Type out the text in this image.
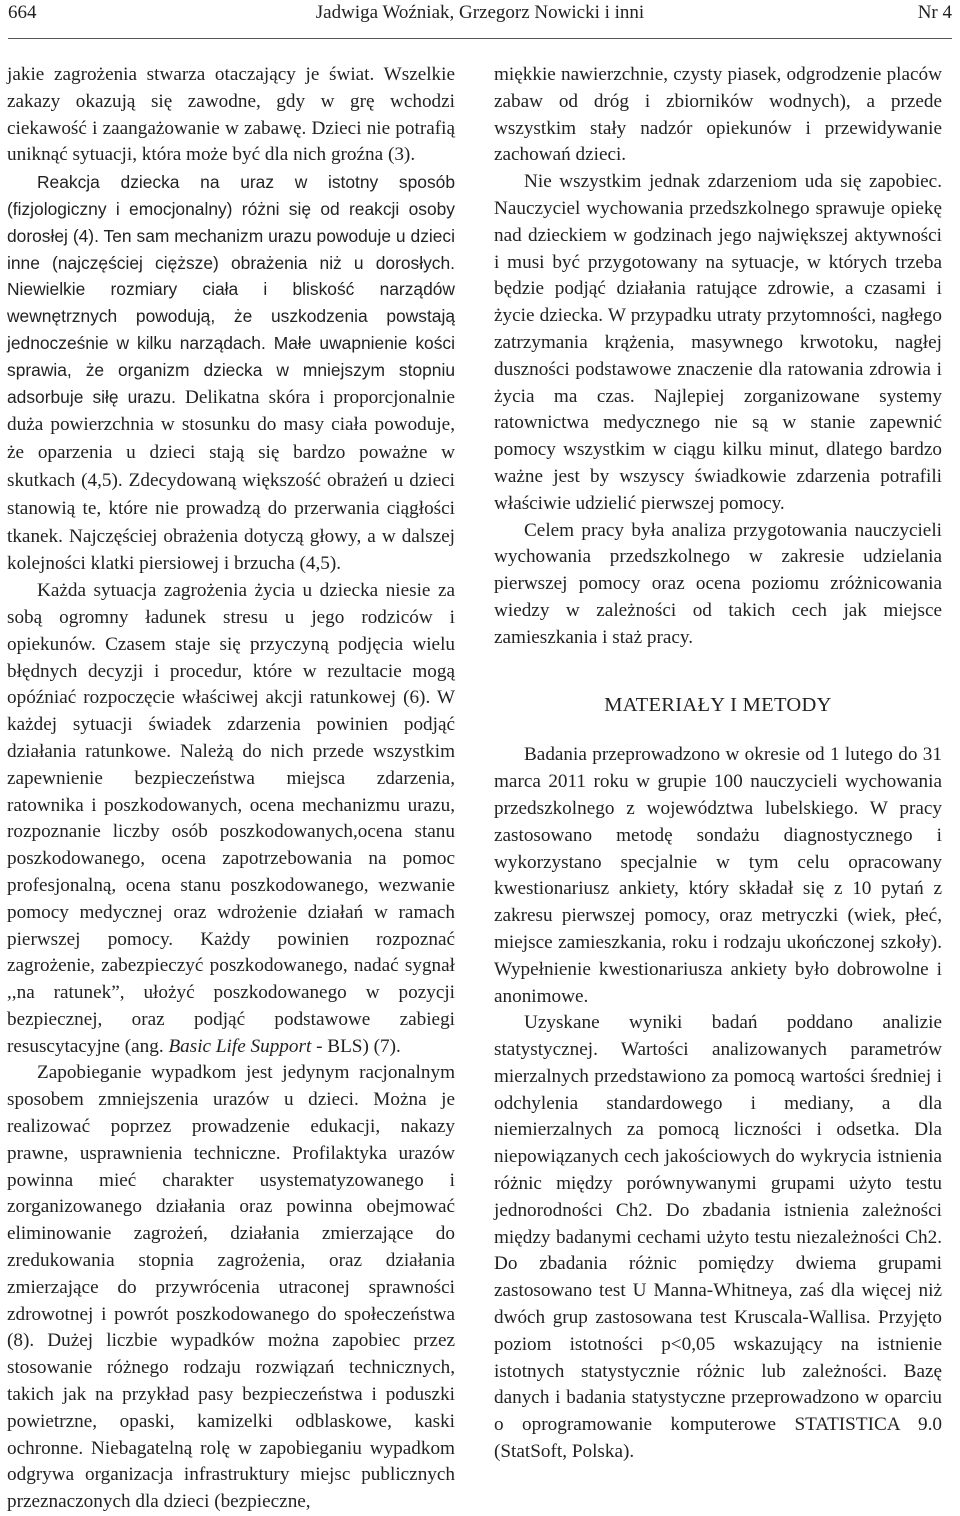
664	Jadwiga Woźniak, Grzegorz Nowicki i inni	Nr 4

jakie zagrożenia stwarza otaczający je świat. Wszelkie zakazy okazują się zawodne, gdy w grę wchodzi ciekawość i zaangażowanie w zabawę. Dzieci nie potrafią uniknąć sytuacji, która może być dla nich groźna (3).

Reakcja dziecka na uraz w istotny sposób (fizjologiczny i emocjonalny) różni się od reakcji osoby dorosłej (4). Ten sam mechanizm urazu powoduje u dzieci inne (najczęściej cięższe) obrażenia niż u dorosłych. Niewielkie rozmiary ciała i bliskość narządów wewnętrznych powodują, że uszkodzenia powstają jednocześnie w kilku narządach. Małe uwapnienie kości sprawia, że organizm dziecka w mniejszym stopniu adsorbuje siłę urazu. Delikatna skóra i proporcjonalnie duża powierzchnia w stosunku do masy ciała powoduje, że oparzenia u dzieci stają się bardzo poważne w skutkach (4,5). Zdecydowaną większość obrażeń u dzieci stanowią te, które nie prowadzą do przerwania ciągłości tkanek. Najczęściej obrażenia dotyczą głowy, a w dalszej kolejności klatki piersiowej i brzucha (4,5).

Każda sytuacja zagrożenia życia u dziecka niesie za sobą ogromny ładunek stresu u jego rodziców i opiekunów. Czasem staje się przyczyną podjęcia wielu błędnych decyzji i procedur, które w rezultacie mogą opóźniać rozpoczęcie właściwej akcji ratunkowej (6). W każdej sytuacji świadek zdarzenia powinien podjąć działania ratunkowe. Należą do nich przede wszystkim zapewnienie bezpieczeństwa miejsca zdarzenia, ratownika i poszkodowanych, ocena mechanizmu urazu, rozpoznanie liczby osób poszkodowanych,ocena stanu poszkodowanego, ocena zapotrzebowania na pomoc profesjonalną, ocena stanu poszkodowanego, wezwanie pomocy medycznej oraz wdrożenie działań w ramach pierwszej pomocy. Każdy powinien rozpoznać zagrożenie, zabezpieczyć poszkodowanego, nadać sygnał ,,na ratunek”, ułożyć poszkodowanego w pozycji bezpiecznej, oraz podjąć podstawowe zabiegi resuscytacyjne (ang. Basic Life Support - BLS) (7).

Zapobieganie wypadkom jest jedynym racjonalnym sposobem zmniejszenia urazów u dzieci. Można je realizować poprzez prowadzenie edukacji, nakazy prawne, usprawnienia techniczne. Profilaktyka urazów powinna mieć charakter usystematyzowanego i zorganizowanego działania oraz powinna obejmować eliminowanie zagrożeń, działania zmierzające do zredukowania stopnia zagrożenia, oraz działania zmierzające do przywrócenia utraconej sprawności zdrowotnej i powrót poszkodowanego do społeczeństwa (8). Dużej liczbie wypadków można zapobiec przez stosowanie różnego rodzaju rozwiązań technicznych, takich jak na przykład pasy bezpieczeństwa i poduszki powietrzne, opaski, kamizelki odblaskowe, kaski ochronne. Niebagatelną rolę w zapobieganiu wypadkom odgrywa organizacja infrastruktury miejsc publicznych przeznaczonych dla dzieci (bezpieczne,

miękkie nawierzchnie, czysty piasek, odgrodzenie placów zabaw od dróg i zbiorników wodnych), a przede wszystkim stały nadzór opiekunów i przewidywanie zachowań dzieci.

Nie wszystkim jednak zdarzeniom uda się zapobiec. Nauczyciel wychowania przedszkolnego sprawuje opiekę nad dzieckiem w godzinach jego największej aktywności i musi być przygotowany na sytuacje, w których trzeba będzie podjąć działania ratujące zdrowie, a czasami i życie dziecka. W przypadku utraty przytomności, nagłego zatrzymania krążenia, masywnego krwotoku, nagłej duszności podstawowe znaczenie dla ratowania zdrowia i życia ma czas. Najlepiej zorganizowane systemy ratownictwa medycznego nie są w stanie zapewnić pomocy wszystkim w ciągu kilku minut, dlatego bardzo ważne jest by wszyscy świadkowie zdarzenia potrafili właściwie udzielić pierwszej pomocy.

Celem pracy była analiza przygotowania nauczycieli wychowania przedszkolnego w zakresie udzielania pierwszej pomocy oraz ocena poziomu zróżnicowania wiedzy w zależności od takich cech jak miejsce zamieszkania i staż pracy.

MATERIAŁY I METODY

Badania przeprowadzono w okresie od 1 lutego do 31 marca 2011 roku w grupie 100 nauczycieli wychowania przedszkolnego z województwa lubelskiego. W pracy zastosowano metodę sondażu diagnostycznego i wykorzystano specjalnie w tym celu opracowany kwestionariusz ankiety, który składał się z 10 pytań z zakresu pierwszej pomocy, oraz metryczki (wiek, płeć, miejsce zamieszkania, roku i rodzaju ukończonej szkoły). Wypełnienie kwestionariusza ankiety było dobrowolne i anonimowe.

Uzyskane wyniki badań poddano analizie statystycznej. Wartości analizowanych parametrów mierzalnych przedstawiono za pomocą wartości średniej i odchylenia standardowego i mediany, a dla niemierzalnych za pomocą liczności i odsetka. Dla niepowiązanych cech jakościowych do wykrycia istnienia różnic między porównywanymi grupami użyto testu jednorodności Ch2. Do zbadania istnienia zależności między badanymi cechami użyto testu niezależności Ch2. Do zbadania różnic pomiędzy dwiema grupami zastosowano test U Manna-Whitneya, zaś dla więcej niż dwóch grup zastosowana test Kruscala-Wallisa. Przyjęto poziom istotności p<0,05 wskazujący na istnienie istotnych statystycznie różnic lub zależności. Bazę danych i badania statystyczne przeprowadzono w oparciu o oprogramowanie komputerowe STATISTICA 9.0 (StatSoft, Polska).
